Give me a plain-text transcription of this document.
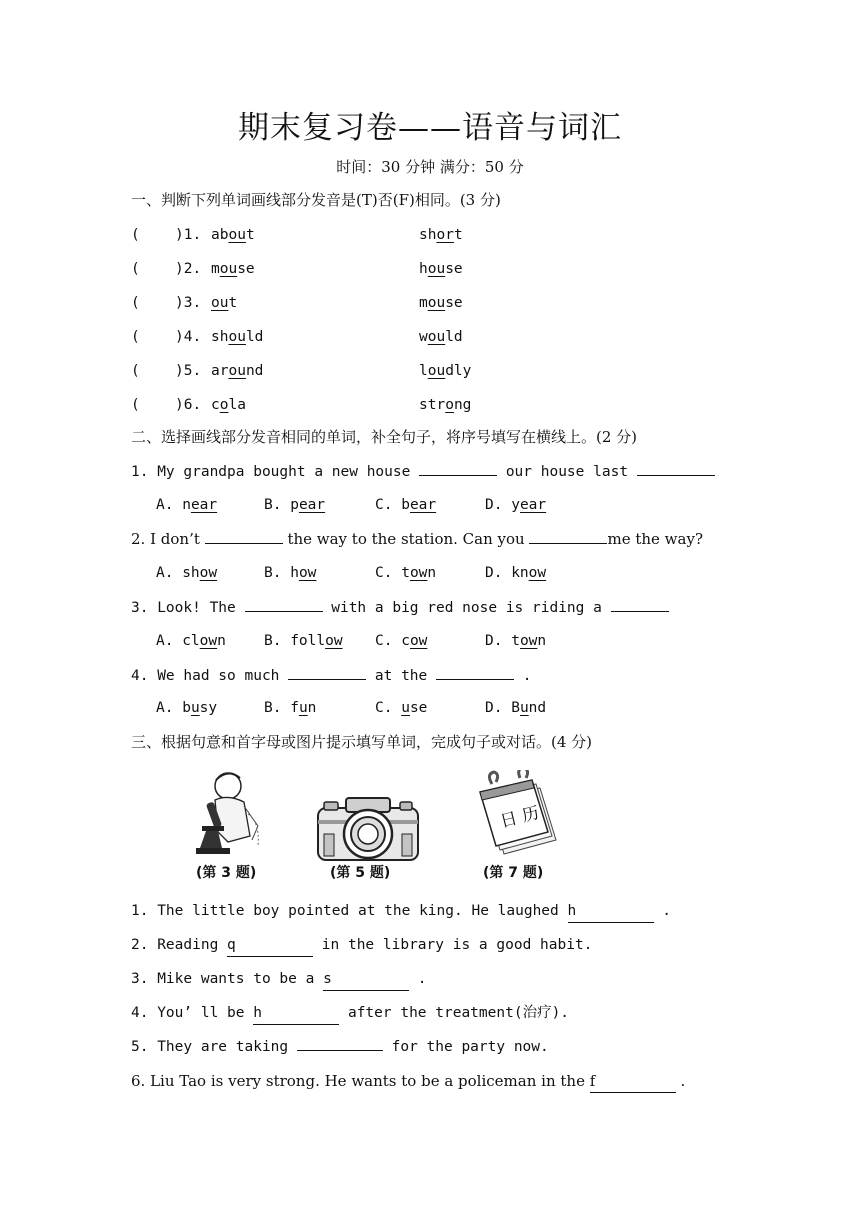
期末复习卷——语音与词汇
时间：30 分钟 满分：50 分
一、判断下列单词画线部分发音是(T)否(F)相同。(3 分)
( )1. about	short
( )2. mouse	house
( )3. out	mouse
( )4. should	would
( )5. around	loudly
( )6. cola	strong
二、选择画线部分发音相同的单词，补全句子，将序号填写在横线上。(2 分)
1. My grandpa bought a new house	our house last
A. near	B. pear	C. bear	D. year
2. I don’t	the way to the station. Can you	me the way?
A. show	B. how	C. town	D. know
3. Look! The	with a big red nose is riding a
A. clown	B. follow C. cow	D. town
4. We had so much	at the	.
A. busy	B. fun	C. use	D. Bund
三、根据句意和首字母或图片提示填写单词，完成句子或对话。(4 分)
(第 3 题)	(第 5 题)
日 历
(第 7 题)
1. The little boy pointed at the king. He laughed h	.
2. Reading q	in the library is a good habit.
3. Mike wants to be a s	.
4. You’ ll be h	after the treatment(治疗).
5. They are taking	for the party now.
6. Liu Tao is very strong. He wants to be a policeman in the f	.
